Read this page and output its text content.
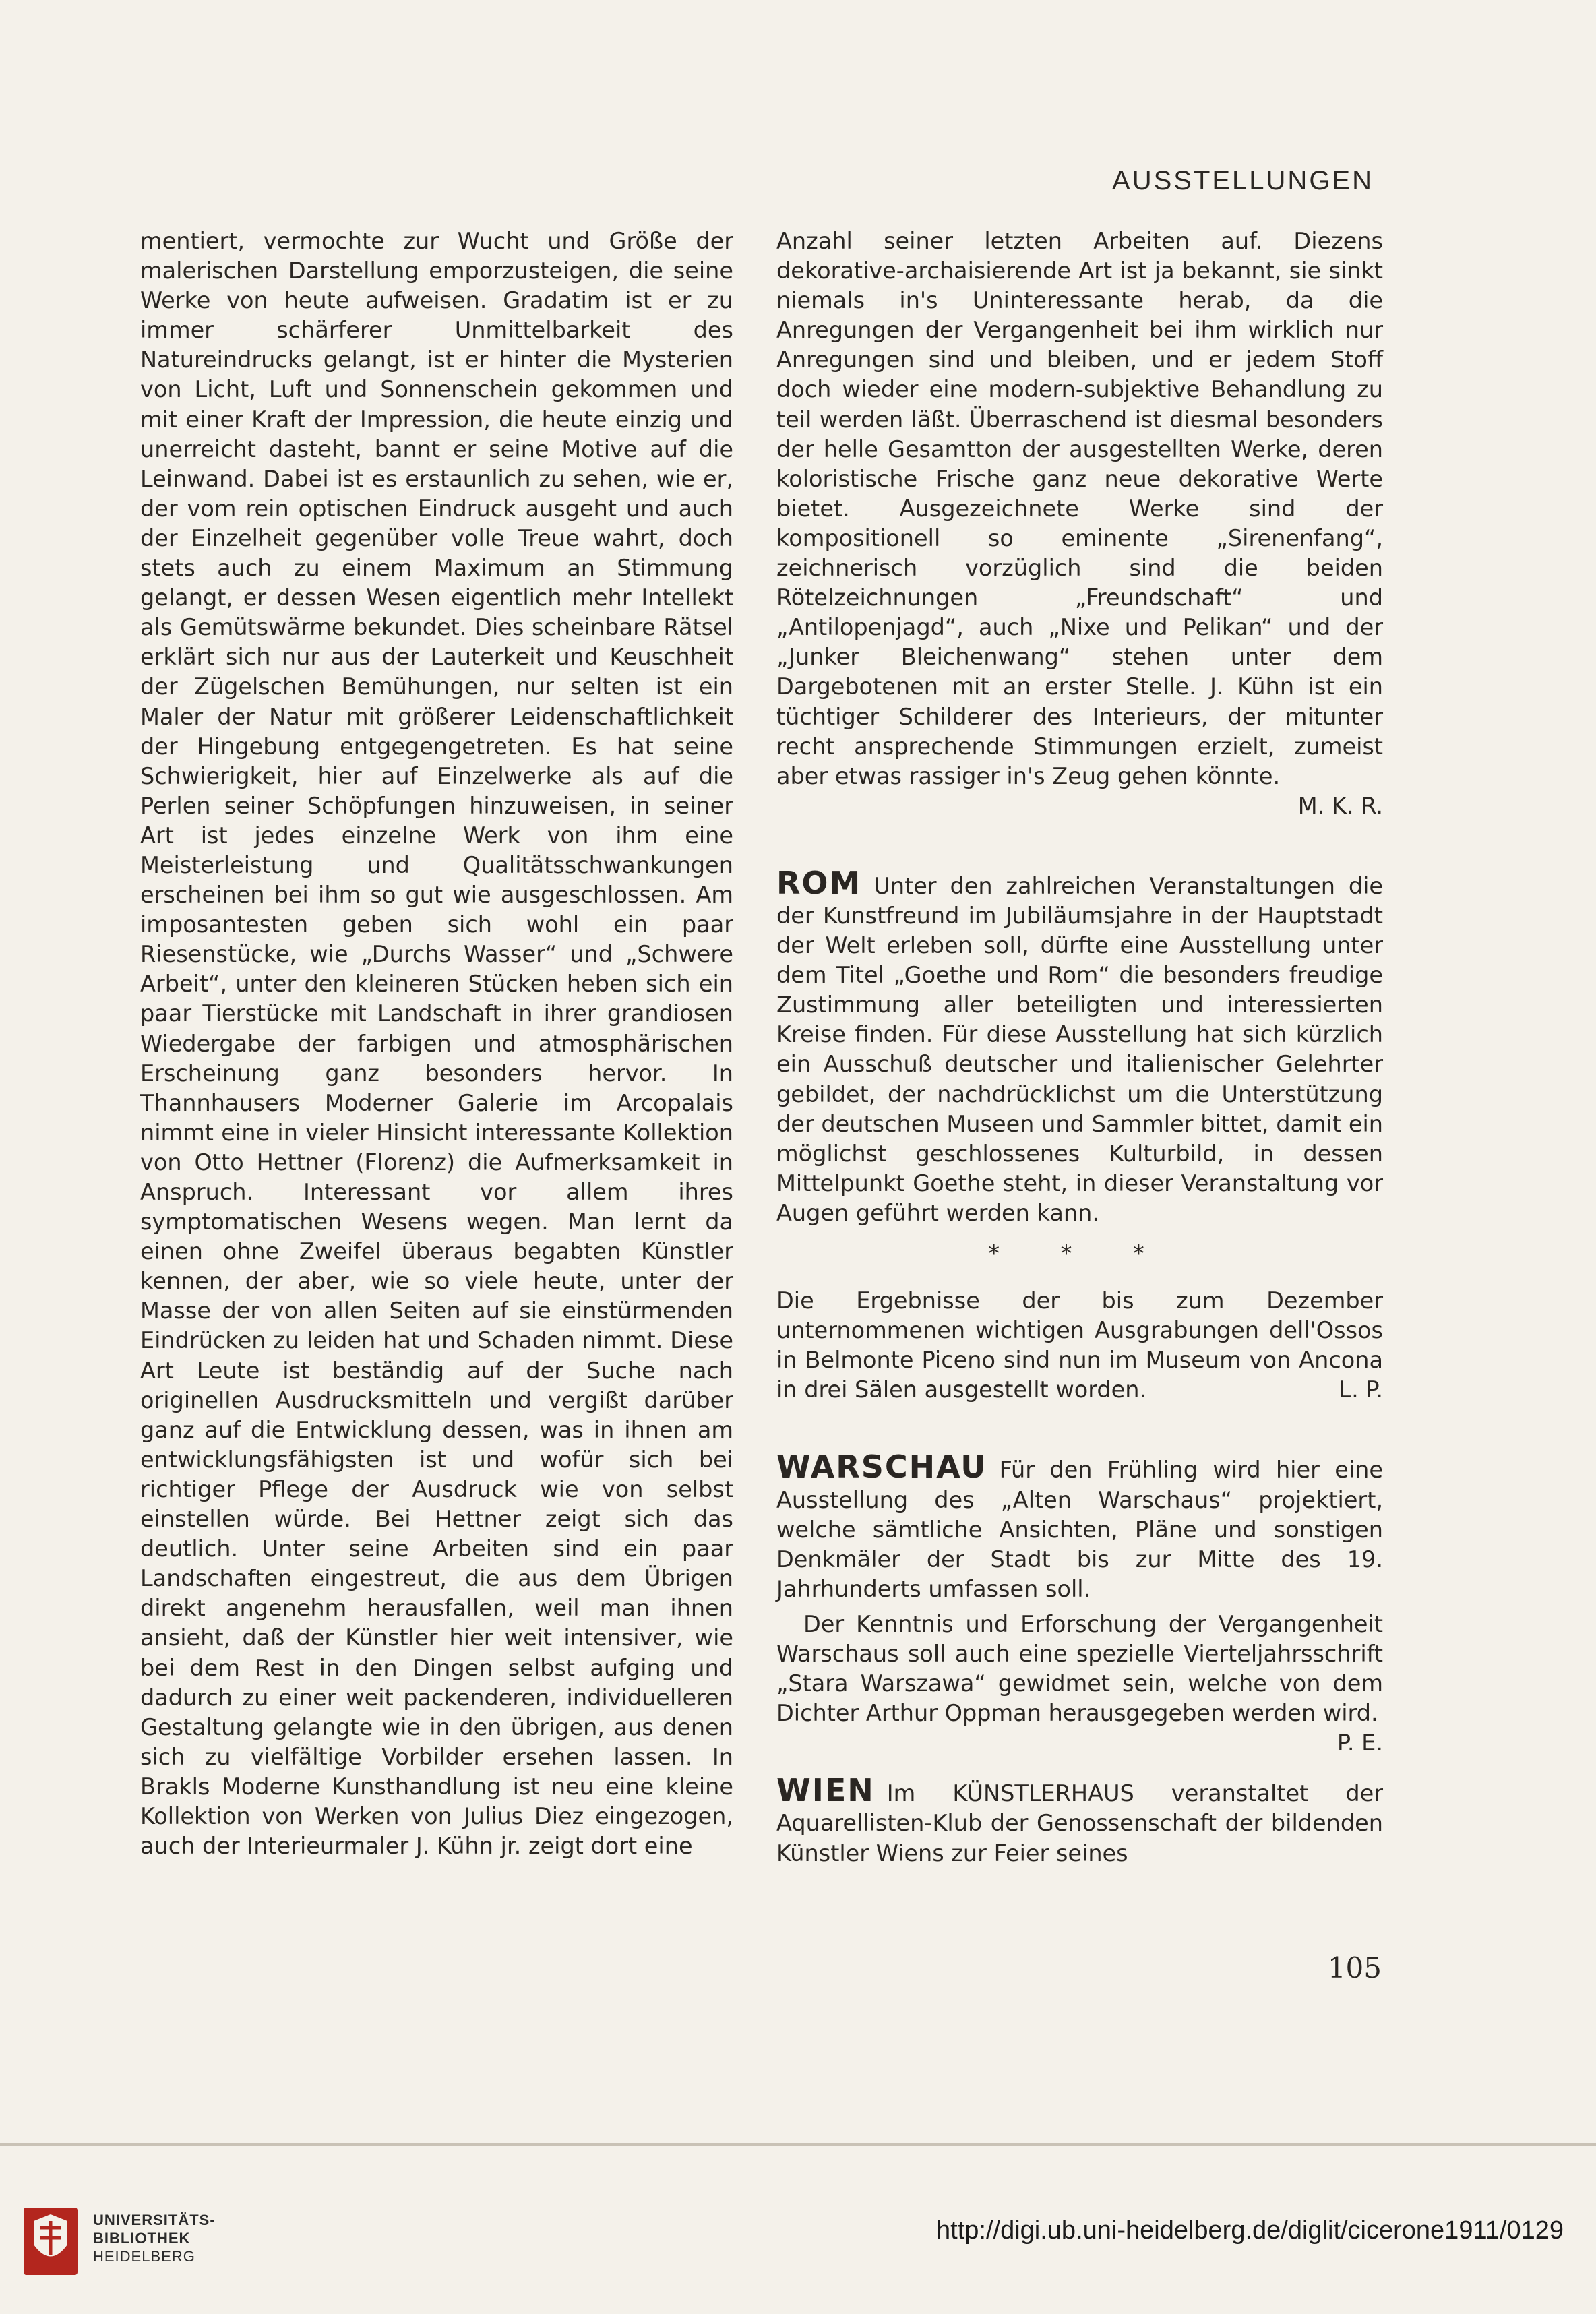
AUSSTELLUNGEN

mentiert, vermochte zur Wucht und Größe der malerischen Darstellung emporzusteigen, die seine Werke von heute aufweisen. Gradatim ist er zu immer schärferer Unmittelbarkeit des Natureindrucks gelangt, ist er hinter die Mysterien von Licht, Luft und Sonnenschein gekommen und mit einer Kraft der Impression, die heute einzig und unerreicht dasteht, bannt er seine Motive auf die Leinwand. Dabei ist es erstaunlich zu sehen, wie er, der vom rein optischen Eindruck ausgeht und auch der Einzelheit gegenüber volle Treue wahrt, doch stets auch zu einem Maximum an Stimmung gelangt, er dessen Wesen eigentlich mehr Intellekt als Gemütswärme bekundet. Dies scheinbare Rätsel erklärt sich nur aus der Lauterkeit und Keuschheit der Zügelschen Bemühungen, nur selten ist ein Maler der Natur mit größerer Leidenschaftlichkeit der Hingebung entgegengetreten. Es hat seine Schwierigkeit, hier auf Einzelwerke als auf die Perlen seiner Schöpfungen hinzuweisen, in seiner Art ist jedes einzelne Werk von ihm eine Meisterleistung und Qualitätsschwankungen erscheinen bei ihm so gut wie ausgeschlossen. Am imposantesten geben sich wohl ein paar Riesenstücke, wie „Durchs Wasser“ und „Schwere Arbeit“, unter den kleineren Stücken heben sich ein paar Tierstücke mit Landschaft in ihrer grandiosen Wiedergabe der farbigen und atmosphärischen Erscheinung ganz besonders hervor. In Thannhausers Moderner Galerie im Arcopalais nimmt eine in vieler Hinsicht interessante Kollektion von Otto Hettner (Florenz) die Aufmerksamkeit in Anspruch. Interessant vor allem ihres symptomatischen Wesens wegen. Man lernt da einen ohne Zweifel überaus begabten Künstler kennen, der aber, wie so viele heute, unter der Masse der von allen Seiten auf sie einstürmenden Eindrücken zu leiden hat und Schaden nimmt. Diese Art Leute ist beständig auf der Suche nach originellen Ausdrucksmitteln und vergißt darüber ganz auf die Entwicklung dessen, was in ihnen am entwicklungsfähigsten ist und wofür sich bei richtiger Pflege der Ausdruck wie von selbst einstellen würde. Bei Hettner zeigt sich das deutlich. Unter seine Arbeiten sind ein paar Landschaften eingestreut, die aus dem Übrigen direkt angenehm herausfallen, weil man ihnen ansieht, daß der Künstler hier weit intensiver, wie bei dem Rest in den Dingen selbst aufging und dadurch zu einer weit packenderen, individuelleren Gestaltung gelangte wie in den übrigen, aus denen sich zu vielfältige Vorbilder ersehen lassen. In Brakls Moderne Kunsthandlung ist neu eine kleine Kollektion von Werken von Julius Diez eingezogen, auch der Interieurmaler J. Kühn jr. zeigt dort eine

Anzahl seiner letzten Arbeiten auf. Diezens dekorative-archaisierende Art ist ja bekannt, sie sinkt niemals in's Uninteressante herab, da die Anregungen der Vergangenheit bei ihm wirklich nur Anregungen sind und bleiben, und er jedem Stoff doch wieder eine modern-subjektive Behandlung zu teil werden läßt. Überraschend ist diesmal besonders der helle Gesamtton der ausgestellten Werke, deren koloristische Frische ganz neue dekorative Werte bietet. Ausgezeichnete Werke sind der kompositionell so eminente „Sirenenfang“, zeichnerisch vorzüglich sind die beiden Rötelzeichnungen „Freundschaft“ und „Antilopenjagd“, auch „Nixe und Pelikan“ und der „Junker Bleichenwang“ stehen unter dem Dargebotenen mit an erster Stelle. J. Kühn ist ein tüchtiger Schilderer des Interieurs, der mitunter recht ansprechende Stimmungen erzielt, zumeist aber etwas rassiger in's Zeug gehen könnte.

M. K. R.

ROM Unter den zahlreichen Veranstaltungen die der Kunstfreund im Jubiläumsjahre in der Hauptstadt der Welt erleben soll, dürfte eine Ausstellung unter dem Titel „Goethe und Rom“ die besonders freudige Zustimmung aller beteiligten und interessierten Kreise finden. Für diese Ausstellung hat sich kürzlich ein Ausschuß deutscher und italienischer Gelehrter gebildet, der nachdrücklichst um die Unterstützung der deutschen Museen und Sammler bittet, damit ein möglichst geschlossenes Kulturbild, in dessen Mittelpunkt Goethe steht, in dieser Veranstaltung vor Augen geführt werden kann.

* * *

Die Ergebnisse der bis zum Dezember unternommenen wichtigen Ausgrabungen dell'Ossos in Belmonte Piceno sind nun im Museum von Ancona in drei Sälen ausgestellt worden.	L. P.

WARSCHAU Für den Frühling wird hier eine Ausstellung des „Alten Warschaus“ projektiert, welche sämtliche Ansichten, Pläne und sonstigen Denkmäler der Stadt bis zur Mitte des 19. Jahrhunderts umfassen soll.

Der Kenntnis und Erforschung der Vergangenheit Warschaus soll auch eine spezielle Vierteljahrsschrift „Stara Warszawa“ gewidmet sein, welche von dem Dichter Arthur Oppman herausgegeben werden wird.
P. E.

WIEN Im KÜNSTLERHAUS veranstaltet der Aquarellisten-Klub der Genossenschaft der bildenden Künstler Wiens zur Feier seines

105
UNIVERSITÄTS-
BIBLIOTHEK
HEIDELBERG
http://digi.ub.uni-heidelberg.de/diglit/cicerone1911/0129
